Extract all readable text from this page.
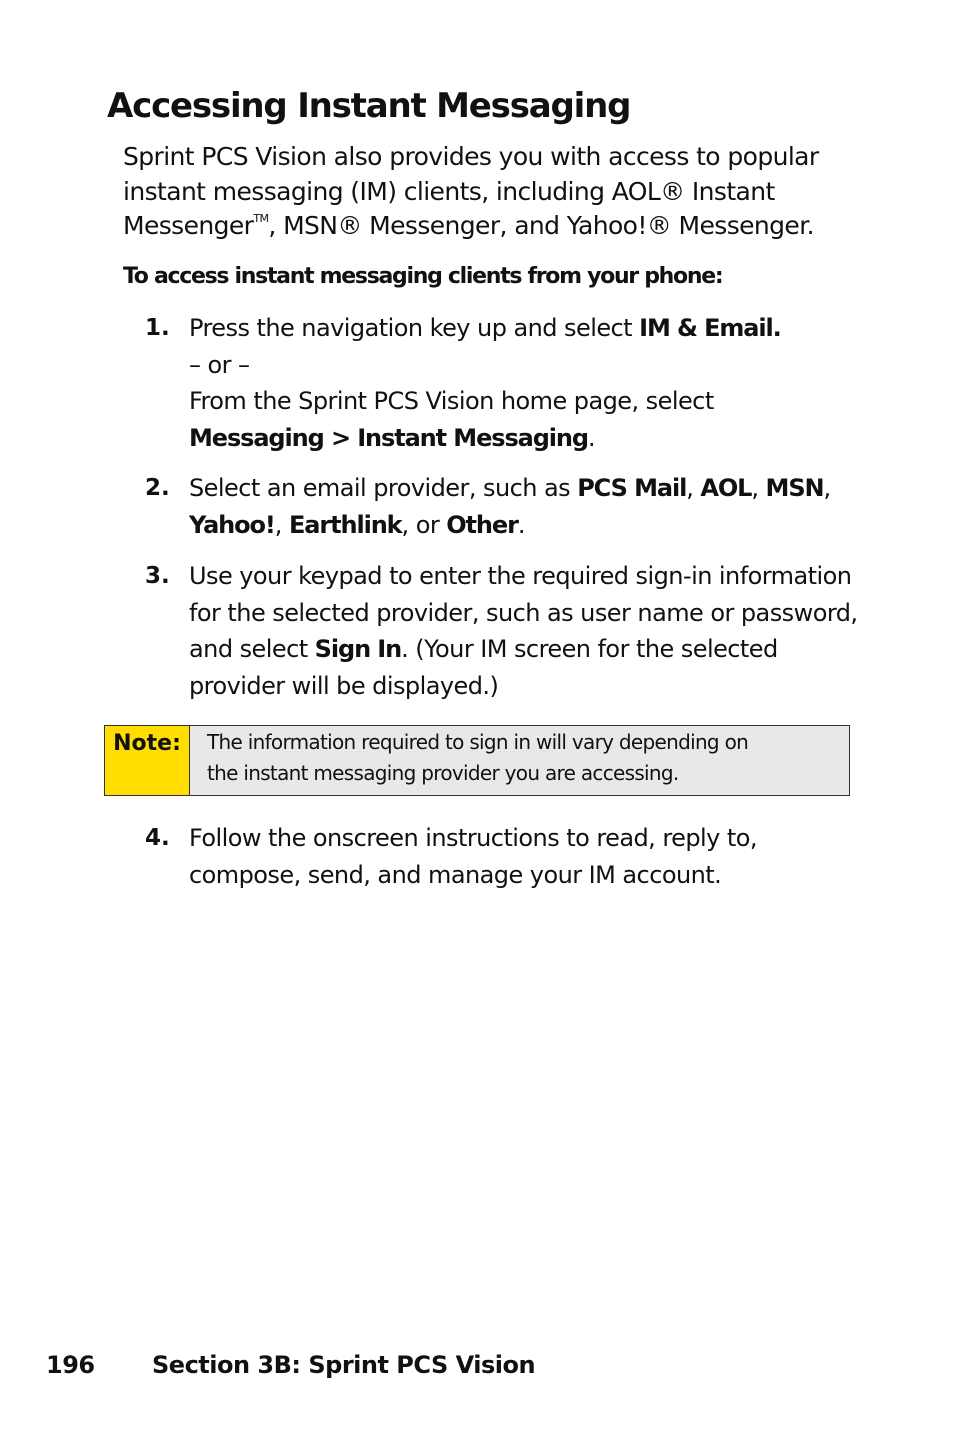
Accessing Instant Messaging

Sprint PCS Vision also provides you with access to popular
instant messaging (IM) clients, including AOL® Instant
Messenger™, MSN® Messenger, and Yahoo!® Messenger.

To access instant messaging clients from your phone:

1. Press the navigation key up and select IM & Email.
– or –
From the Sprint PCS Vision home page, select
Messaging > Instant Messaging.
2. Select an email provider, such as PCS Mail, AOL, MSN,
Yahoo!, Earthlink, or Other.
3. Use your keypad to enter the required sign-in information for the selected provider, such as user name or password, and select Sign In. (Your IM screen for the selected provider will be displayed.)
Note:	The information required to sign in will vary depending on
the instant messaging provider you are accessing.
4. Follow the onscreen instructions to read, reply to, compose, send, and manage your IM account.
196 Section 3B: Sprint PCS Vision
